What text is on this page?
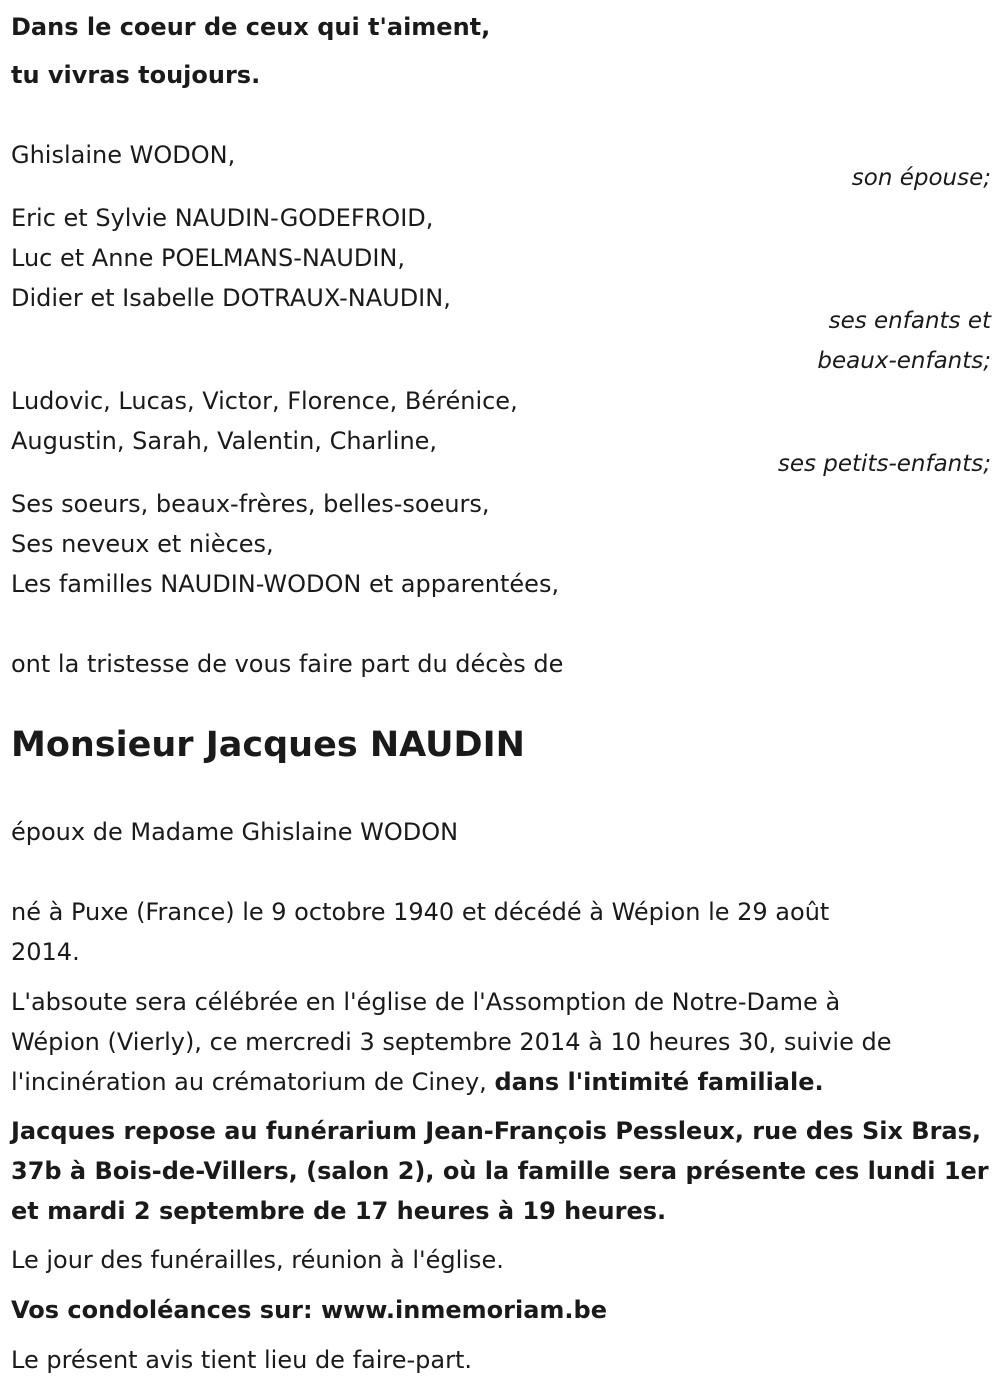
Dans le coeur de ceux qui t'aiment,
tu vivras toujours.
Ghislaine WODON,
son épouse;
Eric et Sylvie NAUDIN-GODEFROID,
Luc et Anne POELMANS-NAUDIN,
Didier et Isabelle DOTRAUX-NAUDIN,
ses enfants et
beaux-enfants;
Ludovic, Lucas, Victor, Florence, Bérénice,
Augustin, Sarah, Valentin, Charline,
ses petits-enfants;
Ses soeurs, beaux-frères, belles-soeurs,
Ses neveux et nièces,
Les familles NAUDIN-WODON et apparentées,
ont la tristesse de vous faire part du décès de
Monsieur Jacques NAUDIN
époux de Madame Ghislaine WODON
né à Puxe (France) le 9 octobre 1940 et décédé à Wépion le 29 août
2014.
L'absoute sera célébrée en l'église de l'Assomption de Notre-Dame à
Wépion (Vierly), ce mercredi 3 septembre 2014 à 10 heures 30, suivie de
l'incinération au crématorium de Ciney, dans l'intimité familiale.
Jacques repose au funérarium Jean-François Pessleux, rue des Six Bras,
37b à Bois-de-Villers, (salon 2), où la famille sera présente ces lundi 1er
et mardi 2 septembre de 17 heures à 19 heures.
Le jour des funérailles, réunion à l'église.
Vos condoléances sur: www.inmemoriam.be
Le présent avis tient lieu de faire-part.
